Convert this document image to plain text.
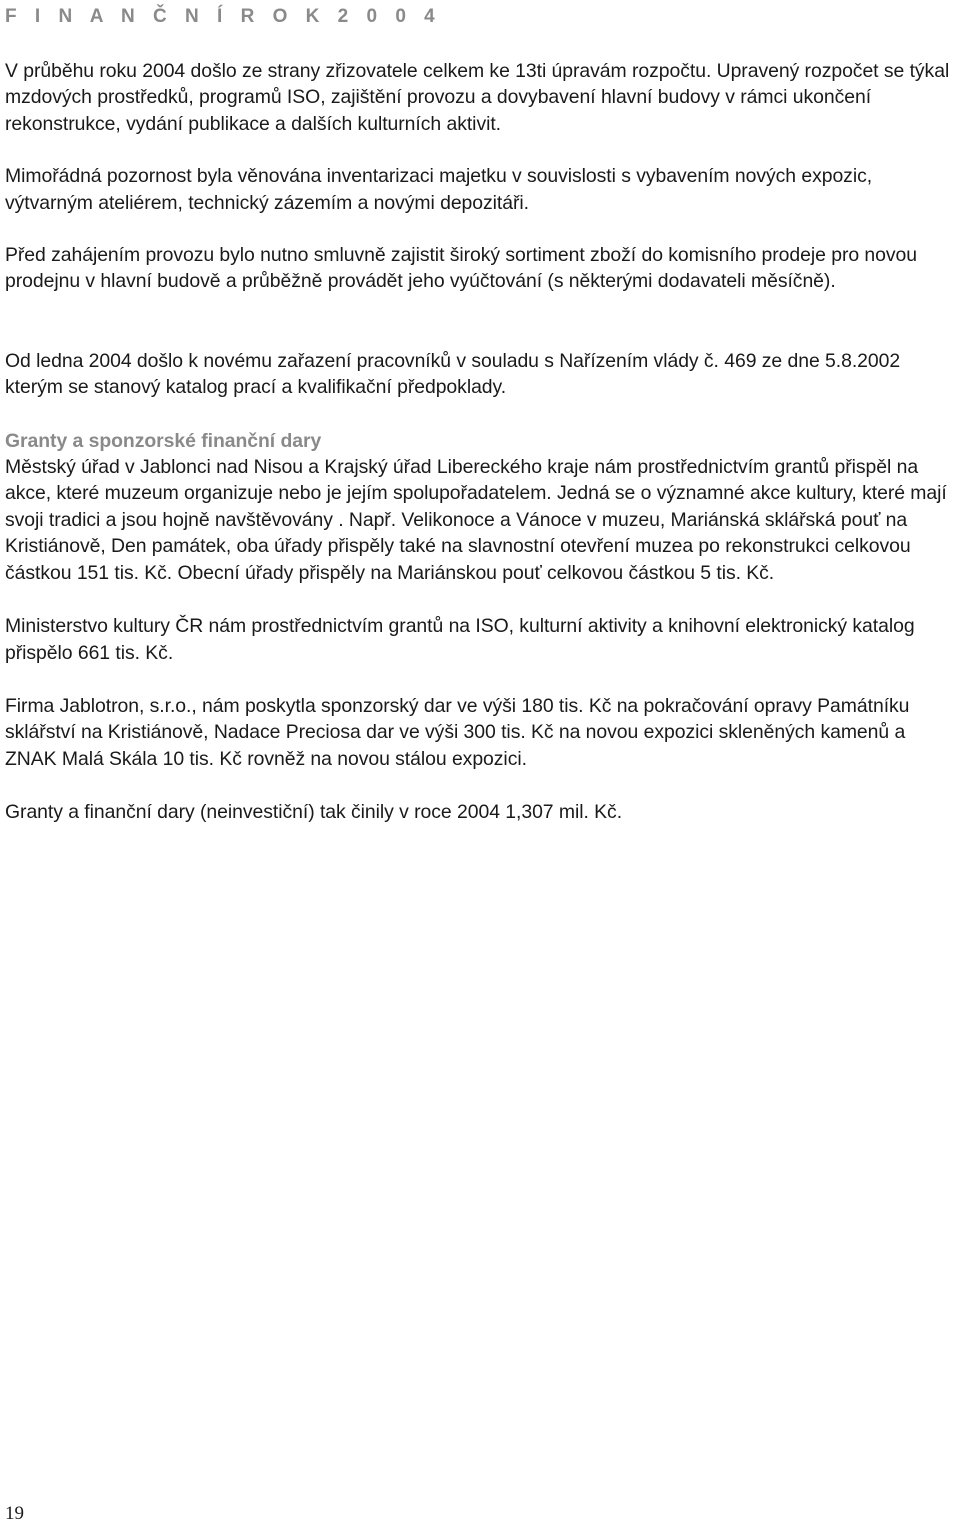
F I N A N Č N Í R O K 2 0 0 4

V průběhu roku 2004 došlo ze strany zřizovatele celkem ke 13ti úpravám rozpočtu. Upravený rozpočet se týkal mzdových prostředků, programů ISO, zajištění provozu a dovybavení hlavní budovy v rámci ukončení rekonstrukce, vydání publikace a dalších kulturních aktivit.

Mimořádná pozornost byla věnována inventarizaci majetku v souvislosti s vybavením nových expozic, výtvarným ateliérem, technický zázemím a novými depozitáři.

Před zahájením provozu bylo nutno smluvně zajistit široký sortiment zboží do komisního prodeje pro novou prodejnu v hlavní budově a průběžně provádět jeho vyúčtování (s některými dodavateli měsíčně).

Od ledna 2004 došlo k novému zařazení pracovníků v souladu s Nařízením vlády č. 469 ze dne 5.8.2002 kterým se stanový katalog prací a kvalifikační předpoklady.

Granty a sponzorské finanční dary

Městský úřad v Jablonci nad Nisou a Krajský úřad Libereckého kraje nám prostřednictvím grantů přispěl na akce, které muzeum organizuje nebo je jejím spolupořadatelem. Jedná se o významné akce kultury, které mají svoji tradici a jsou hojně navštěvovány . Např. Velikonoce a Vánoce v muzeu, Mariánská sklářská pouť na Kristiánově, Den památek, oba úřady přispěly také na slavnostní otevření muzea po rekonstrukci celkovou částkou 151 tis. Kč. Obecní úřady přispěly na Mariánskou pouť celkovou částkou 5 tis. Kč.

Ministerstvo kultury ČR nám prostřednictvím grantů na ISO, kulturní aktivity a knihovní elektronický katalog přispělo 661 tis. Kč.

Firma Jablotron, s.r.o., nám poskytla sponzorský dar ve výši 180 tis. Kč na pokračování opravy Památníku sklářství na Kristiánově, Nadace Preciosa dar ve výši 300 tis. Kč na novou expozici skleněných kamenů a ZNAK Malá Skála 10 tis. Kč rovněž na novou stálou expozici.

Granty a finanční dary (neinvestiční) tak činily v roce 2004 1,307 mil. Kč.

19
